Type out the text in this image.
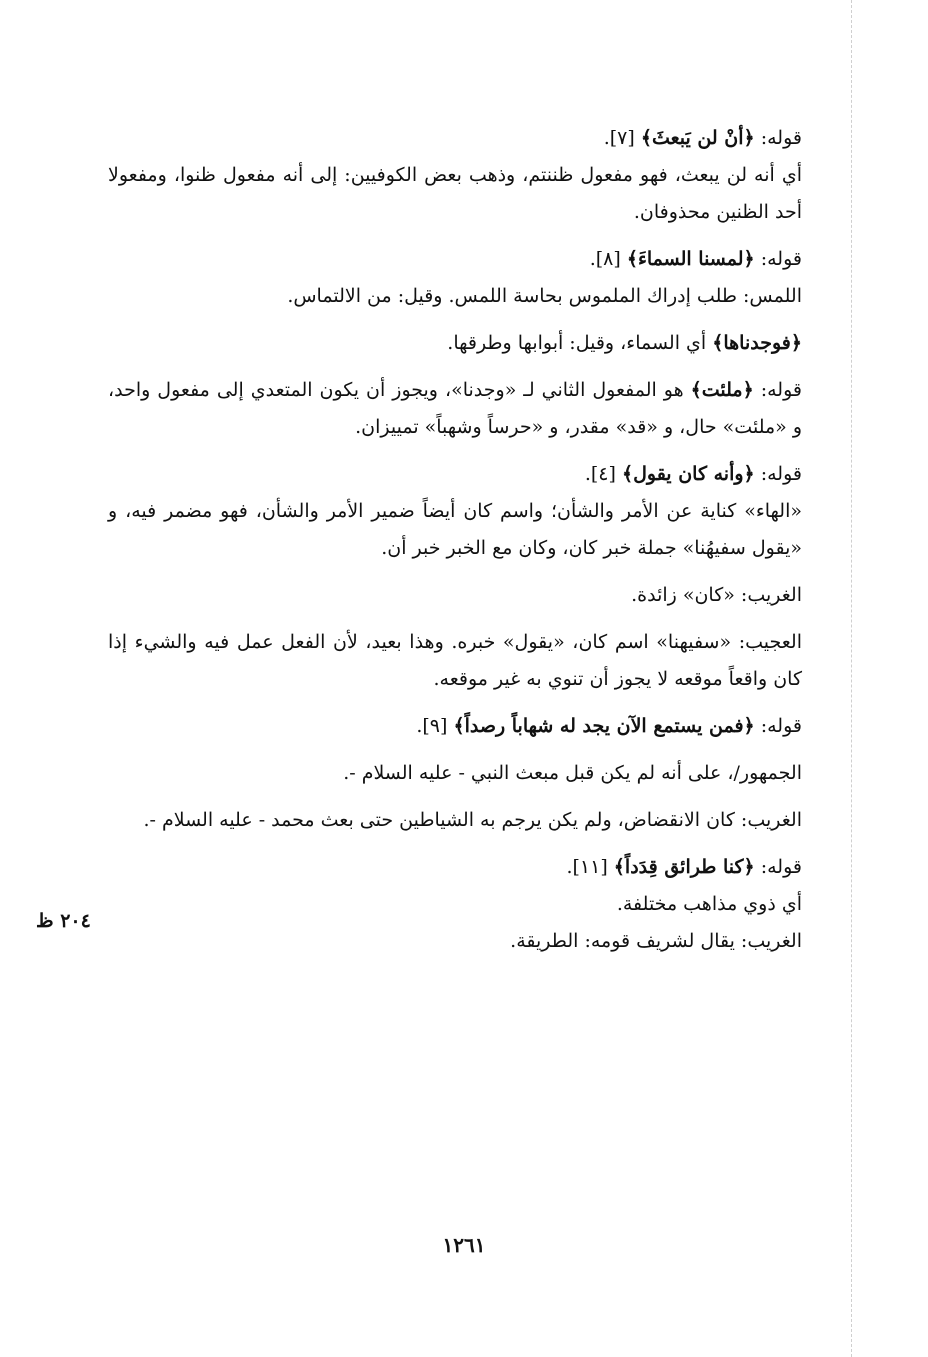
قوله: ﴿أنْ لن يَبعثَ﴾ [٧].

أي أنه لن يبعث، فهو مفعول ظننتم، وذهب بعض الكوفيين: إلى أنه مفعول ظنوا، ومفعولا أحد الظنين محذوفان.

قوله: ﴿لمسنا السماءَ﴾ [٨].

اللمس: طلب إدراك الملموس بحاسة اللمس. وقيل: من الالتماس.

﴿فوجدناها﴾ أي السماء، وقيل: أبوابها وطرقها.

قوله: ﴿ملئت﴾ هو المفعول الثاني لـ «وجدنا»، ويجوز أن يكون المتعدي إلى مفعول واحد، و «ملئت» حال، و «قد» مقدر، و «حرساً وشهباً» تمييزان.

قوله: ﴿وأنه كان يقول﴾ [٤].

«الهاء» كناية عن الأمر والشأن؛ واسم كان أيضاً ضمير الأمر والشأن، فهو مضمر فيه، و «يقول سفيهُنا» جملة خبر كان، وكان مع الخبر خبر أن.

الغريب: «كان» زائدة.

العجيب: «سفيهنا» اسم كان، «يقول» خبره. وهذا بعيد، لأن الفعل عمل فيه والشيء إذا كان واقعاً موقعه لا يجوز أن تنوي به غير موقعه.

قوله: ﴿فمن يستمع الآن يجد له شهاباً رصداً﴾ [٩].

الجمهور/، على أنه لم يكن قبل مبعث النبي - عليه السلام -.

الغريب: كان الانقضاض، ولم يكن يرجم به الشياطين حتى بعث محمد - عليه السلام -.

قوله: ﴿كنا طرائق قِدَداً﴾ [١١].

أي ذوي مذاهب مختلفة.

الغريب: يقال لشريف قومه: الطريقة.

٢٠٤ ظ
١٢٦١
